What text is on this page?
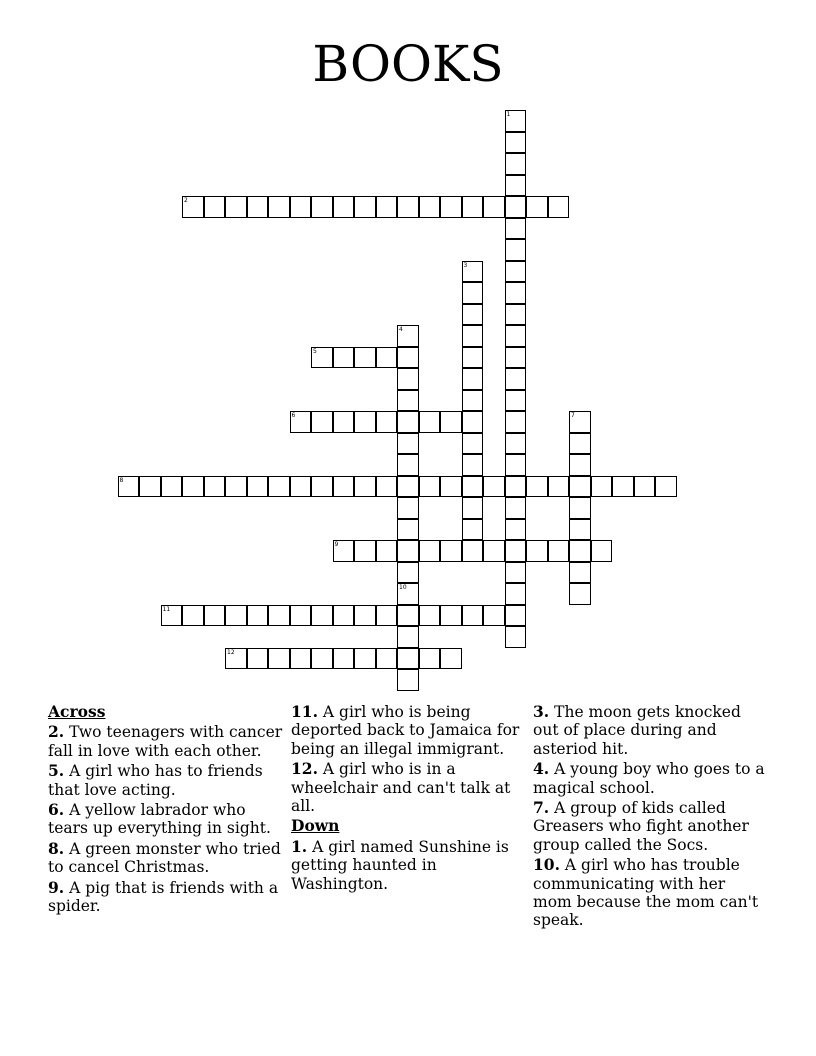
BOOKS
1
2
3
4
5
6	7
8
9
10
11
12
Across
2. Two teenagers with cancer fall in love with each other.
5. A girl who has to friends that love acting.
6. A yellow labrador who tears up everything in sight.
8. A green monster who tried to cancel Christmas.
9. A pig that is friends with a spider.
11. A girl who is being deported back to Jamaica for being an illegal immigrant.
12. A girl who is in a wheelchair and can't talk at all.
Down
1. A girl named Sunshine is getting haunted in Washington.
3. The moon gets knocked out of place during and asteriod hit.
4. A young boy who goes to a magical school.
7. A group of kids called Greasers who fight another group called the Socs.
10. A girl who has trouble communicating with her mom because the mom can't speak.
